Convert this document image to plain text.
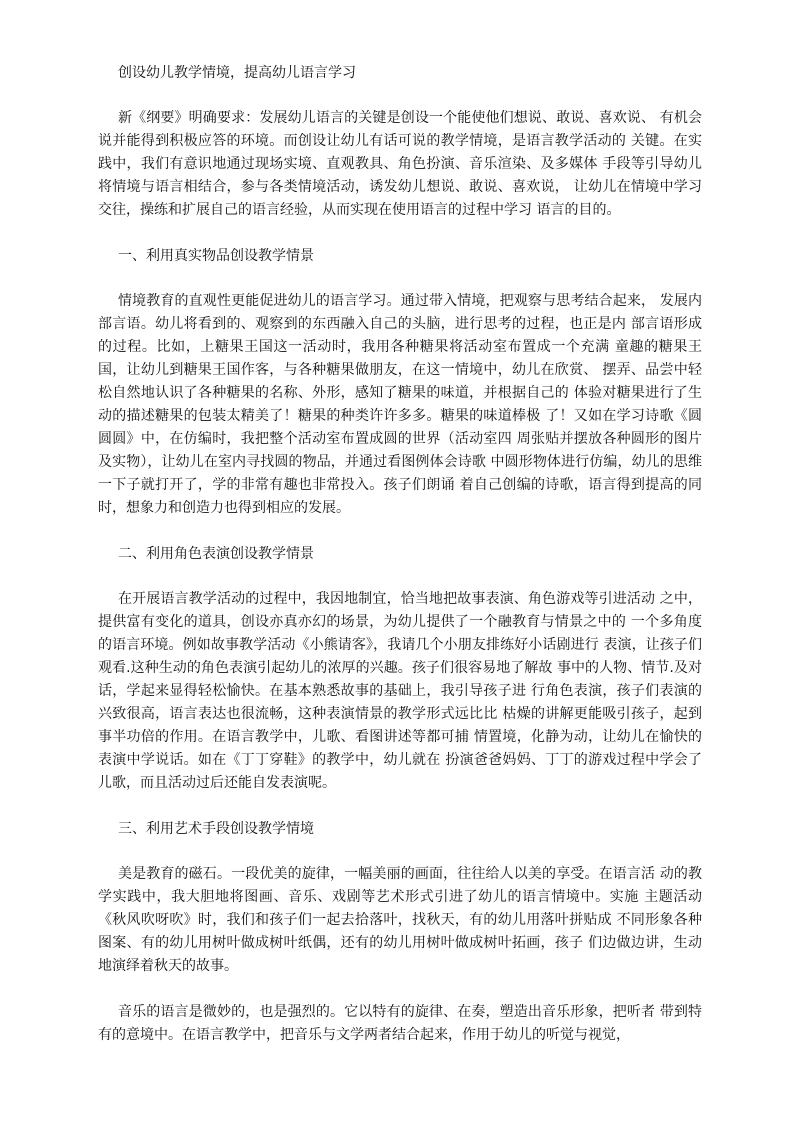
创设幼儿教学情境，提高幼儿语言学习

新《纲要》明确要求：发展幼儿语言的关键是创设一个能使他们想说、敢说、喜欢说、 有机会说并能得到积极应答的环境。而创设让幼儿有话可说的教学情境，是语言教学活动的 关键。在实践中，我们有意识地通过现场实境、直观教具、角色扮演、音乐渲染、及多媒体 手段等引导幼儿将情境与语言相结合，参与各类情境活动，诱发幼儿想说、敢说、喜欢说， 让幼儿在情境中学习交往，操练和扩展自己的语言经验，从而实现在使用语言的过程中学习 语言的目的。

一、利用真实物品创设教学情景

情境教育的直观性更能促进幼儿的语言学习。通过带入情境，把观察与思考结合起来， 发展内部言语。幼儿将看到的、观察到的东西融入自己的头脑，进行思考的过程，也正是内 部言语形成的过程。比如，上糖果王国这一活动时，我用各种糖果将活动室布置成一个充满 童趣的糖果王国，让幼儿到糖果王国作客，与各种糖果做朋友，在这一情境中，幼儿在欣赏、 摆弄、品尝中轻松自然地认识了各种糖果的名称、外形，感知了糖果的味道，并根据自己的 体验对糖果进行了生动的描述糖果的包装太精美了！糖果的种类许许多多。糖果的味道棒极 了！又如在学习诗歌《圆圆圆》中，在仿编时，我把整个活动室布置成圆的世界（活动室四 周张贴并摆放各种圆形的图片及实物），让幼儿在室内寻找圆的物品，并通过看图例体会诗歌 中圆形物体进行仿编，幼儿的思维一下子就打开了，学的非常有趣也非常投入。孩子们朗诵 着自己创编的诗歌，语言得到提高的同时，想象力和创造力也得到相应的发展。

二、利用角色表演创设教学情景

在开展语言教学活动的过程中，我因地制宜，恰当地把故事表演、角色游戏等引进活动 之中，提供富有变化的道具，创设亦真亦幻的场景，为幼儿提供了一个融教育与情景之中的 一个多角度的语言环境。例如故事教学活动《小熊请客》，我请几个小朋友排练好小话剧进行 表演，让孩子们观看.这种生动的角色表演引起幼儿的浓厚的兴趣。孩子们很容易地了解故 事中的人物、情节.及对话，学起来显得轻松愉快。在基本熟悉故事的基础上，我引导孩子进 行角色表演，孩子们表演的兴致很高，语言表达也很流畅，这种表演情景的教学形式远比比 枯燥的讲解更能吸引孩子，起到事半功倍的作用。在语言教学中，儿歌、看图讲述等都可捕 情置境，化静为动，让幼儿在愉快的表演中学说话。如在《丁丁穿鞋》的教学中，幼儿就在 扮演爸爸妈妈、丁丁的游戏过程中学会了儿歌，而且活动过后还能自发表演呢。

三、利用艺术手段创设教学情境

美是教育的磁石。一段优美的旋律，一幅美丽的画面，往往给人以美的享受。在语言活 动的教学实践中，我大胆地将图画、音乐、戏剧等艺术形式引进了幼儿的语言情境中。实施 主题活动《秋风吹呀吹》时，我们和孩子们一起去拾落叶，找秋天，有的幼儿用落叶拼贴成 不同形象各种图案、有的幼儿用树叶做成树叶纸偶，还有的幼儿用树叶做成树叶拓画，孩子 们边做边讲，生动地演绎着秋天的故事。

音乐的语言是微妙的，也是强烈的。它以特有的旋律、在奏，塑造出音乐形象，把听者 带到特有的意境中。在语言教学中，把音乐与文学两者结合起来，作用于幼儿的听觉与视觉，
